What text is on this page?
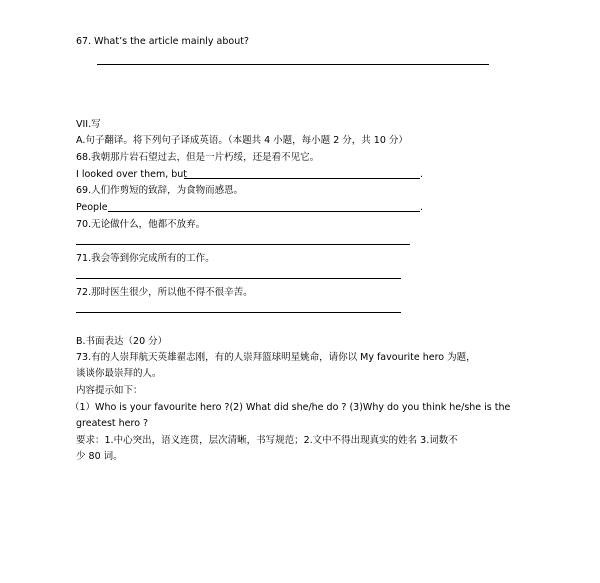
67. What’s the article mainly about?
VII.写
A.句子翻译。将下列句子译成英语。（本题共 4 小题，每小题 2 分，共 10 分）
68.我朝那片岩石望过去，但是一片朽绥，还是看不见它。
I looked over them, but	.
69.人们作剪短的致辞，为食物而感恩。
People	.
70.无论做什么，他都不放弃。
71.我会等到你完成所有的工作。
72.那时医生很少，所以他不得不很辛苦。
B.书面表达（20 分）
73.有的人崇拜航天英雄翟志刚，有的人崇拜篮球明星姚命，请你以 My favourite hero 为题，
谈谈你最崇拜的人。
内容提示如下：
（1）Who is your favourite hero ?(2) What did she/he do ? (3)Why do you think he/she is the
greatest hero ?
要求：1.中心突出，语义连贯，层次清晰，书写规范；2.文中不得出现真实的姓名 3.词数不
少 80 词。
